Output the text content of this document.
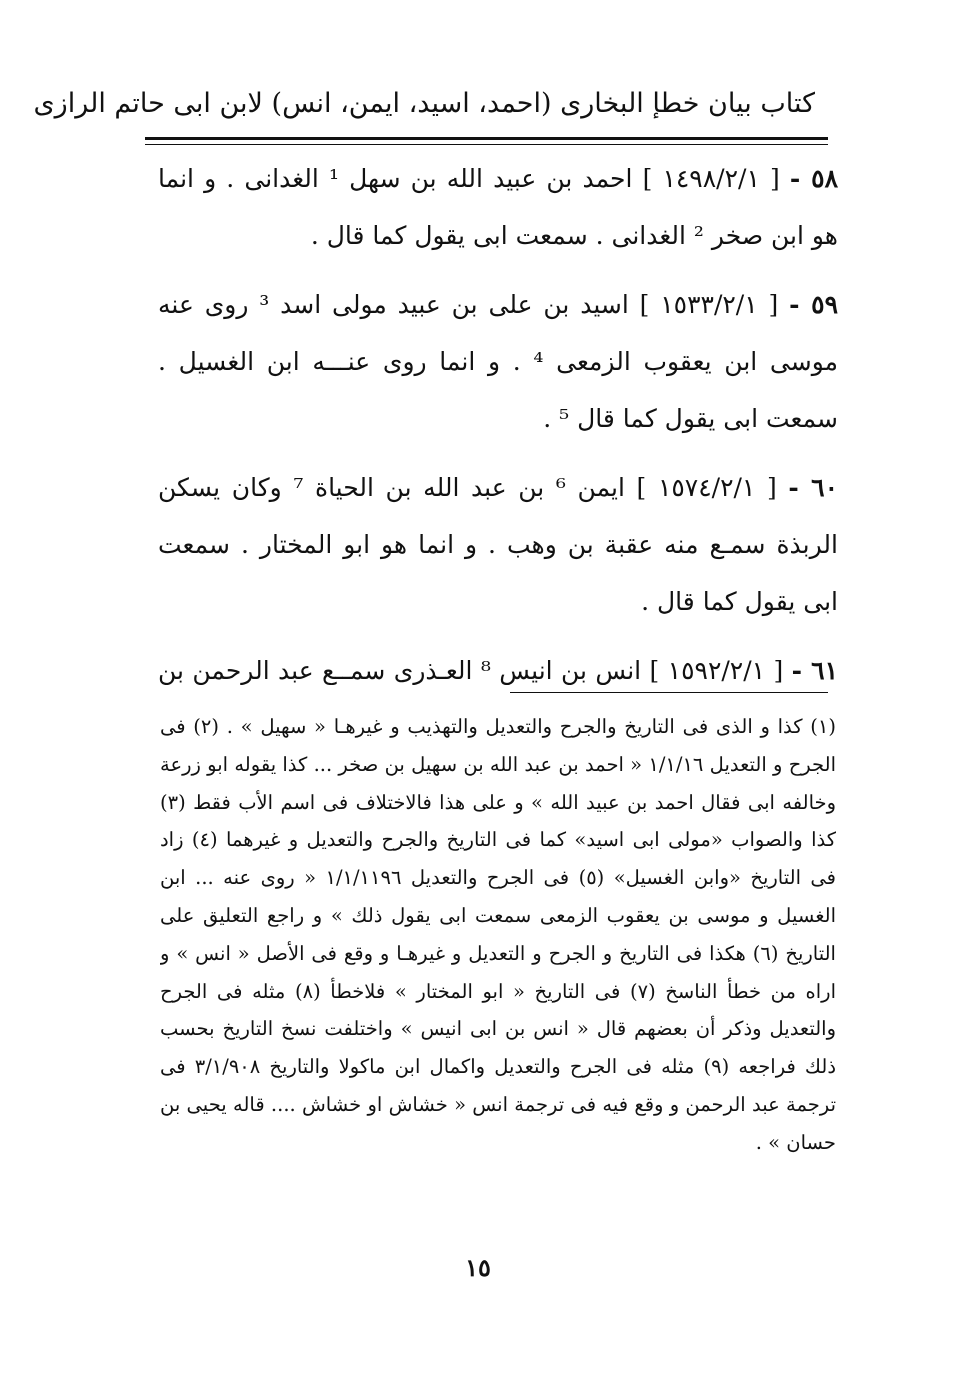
كتاب بيان خطإ البخارى (احمد، اسيد، ايمن، انس) لابن ابى حاتم الرازى

٥٨ - [ ١٤٩٨/٢/١ ] احمد بن عبيد الله بن سهل ¹ الغدانى . و انما هو ابن صخر ² الغدانى . سمعت ابى يقول كما قال .

٥٩ - [ ١٥٣٣/٢/١ ] اسيد بن على بن عبيد مولى اسد ³ روى عنه موسى ابن يعقوب الزمعى ⁴ . و انما روى عنـــه ابن الغسيل . سمعت ابى يقول كما قال ⁵ .

٦٠ - [ ١٥٧٤/٢/١ ] ايمن ⁶ بن عبد الله بن الحياة ⁷ وكان يسكن الربذة سمـع منه عقبة بن وهب . و انما هو ابو المختار . سمعت ابى يقول كما قال .

٦١ - [ ١٥٩٢/٢/١ ] انس بن انيس ⁸ العـذرى سمــع عبد الرحمن بن

(١) كذا و الذى فى التاريخ والجرح والتعديل والتهذيب و غيرهـا « سهيل » . (٢) فى الجرح و التعديل ١/١/١٦ « احمد بن عبد الله بن سهيل بن صخر ... كذا يقوله ابو زرعة وخالفه ابى فقال احمد بن عبيد الله » و على هذا فالاختلاف فى اسم الأب فقط (٣) كذا والصواب «مولى ابى اسيد» كما فى التاريخ والجرح والتعديل و غيرهما (٤) زاد فى التاريخ «وابن الغسيل» (٥) فى الجرح والتعديل ١/١/١١٩٦ « روى عنه ... ابن الغسيل و موسى بن يعقوب الزمعى سمعت ابى يقول ذلك » و راجع التعليق على التاريخ (٦) هكذا فى التاريخ و الجرح و التعديل و غيرهـا و وقع فى الأصل « انس » و اراه من خطأ الناسخ (٧) فى التاريخ « ابو المختار » فلاخطأ (٨) مثله فى الجرح والتعديل وذكر أن بعضهم قال « انس بن ابى انيس » واختلفت نسخ التاريخ بحسب ذلك فراجعه (٩) مثله فى الجرح والتعديل واكمال ابن ماكولا والتاريخ ٣/١/٩٠٨ فى ترجمة عبد الرحمن و وقع فيه فى ترجمة انس « خشاش او خشاش .... قاله يحيى بن حسان » .
١٥
